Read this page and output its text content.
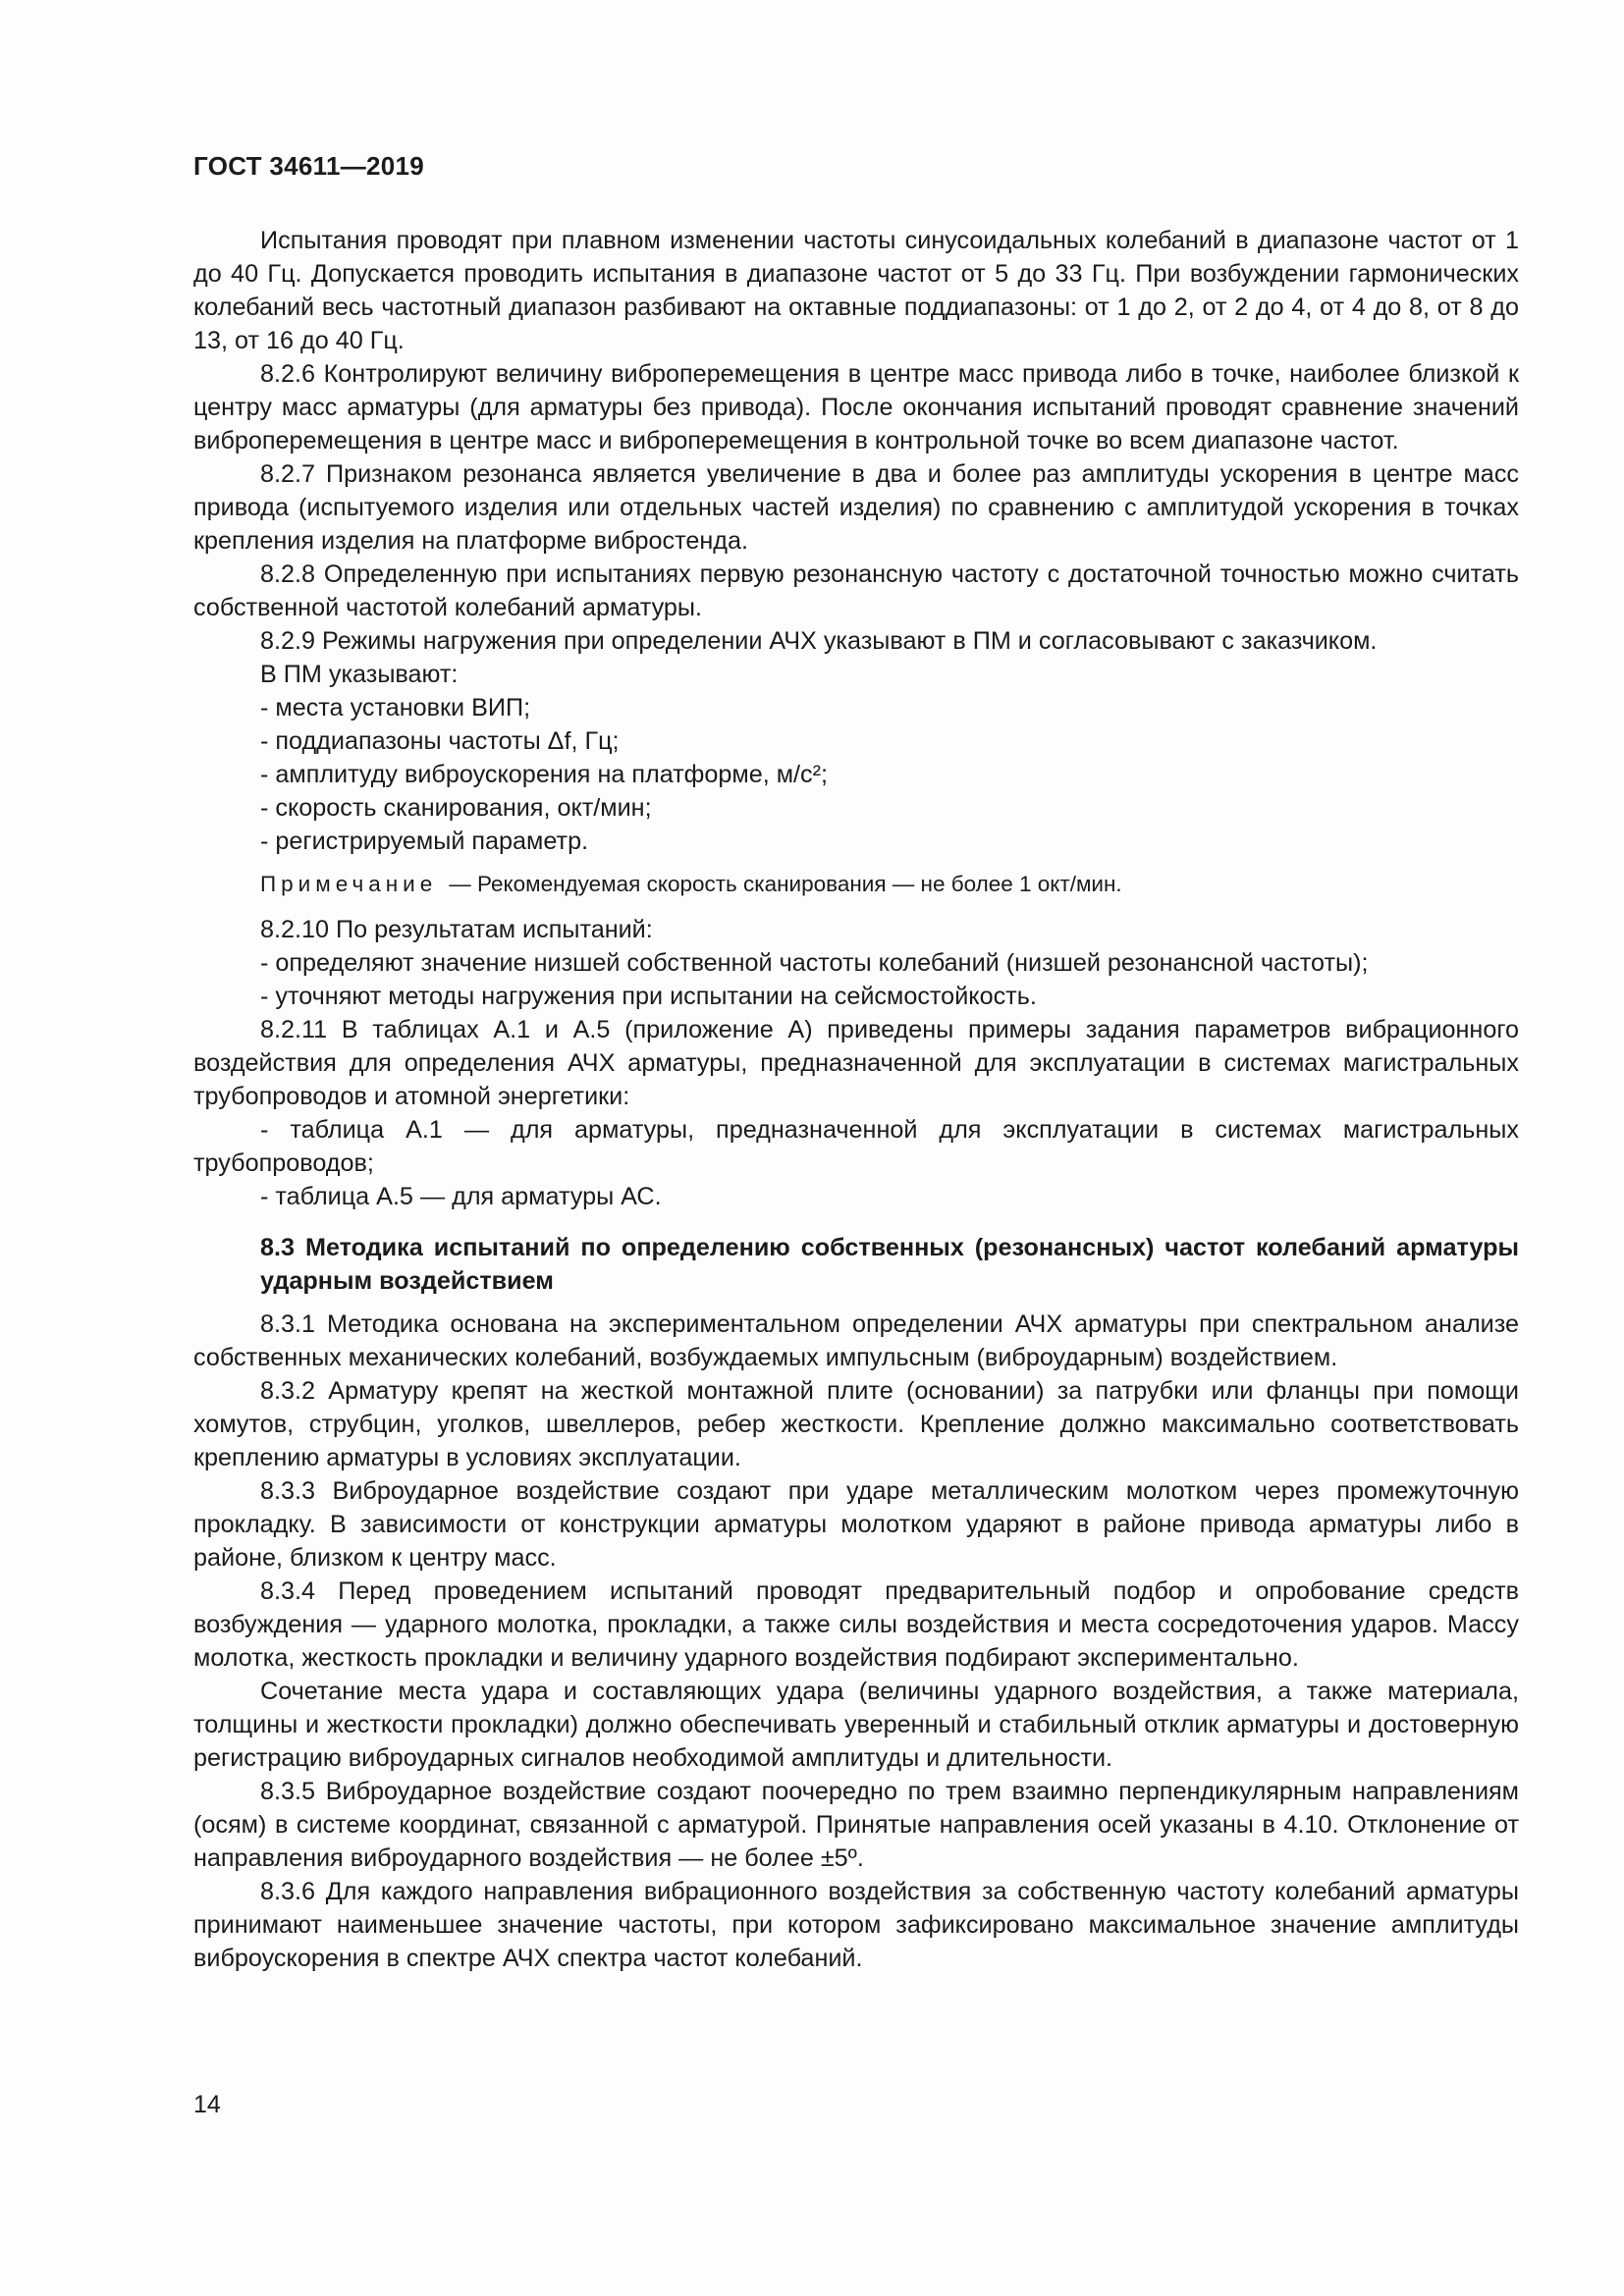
ГОСТ 34611—2019

Испытания проводят при плавном изменении частоты синусоидальных колебаний в диапазоне частот от 1 до 40 Гц. Допускается проводить испытания в диапазоне частот от 5 до 33 Гц. При возбуждении гармонических колебаний весь частотный диапазон разбивают на октавные поддиапазоны: от 1 до 2, от 2 до 4, от 4 до 8, от 8 до 13, от 16 до 40 Гц.

8.2.6 Контролируют величину виброперемещения в центре масс привода либо в точке, наиболее близкой к центру масс арматуры (для арматуры без привода). После окончания испытаний проводят сравнение значений виброперемещения в центре масс и виброперемещения в контрольной точке во всем диапазоне частот.

8.2.7 Признаком резонанса является увеличение в два и более раз амплитуды ускорения в центре масс привода (испытуемого изделия или отдельных частей изделия) по сравнению с амплитудой ускорения в точках крепления изделия на платформе вибростенда.

8.2.8 Определенную при испытаниях первую резонансную частоту с достаточной точностью можно считать собственной частотой колебаний арматуры.

8.2.9 Режимы нагружения при определении АЧХ указывают в ПМ и согласовывают с заказчиком.

В ПМ указывают:

- места установки ВИП;

- поддиапазоны частоты Δf, Гц;

- амплитуду виброускорения на платформе, м/с²;

- скорость сканирования, окт/мин;

- регистрируемый параметр.

Примечание — Рекомендуемая скорость сканирования — не более 1 окт/мин.

8.2.10 По результатам испытаний:

- определяют значение низшей собственной частоты колебаний (низшей резонансной частоты);

- уточняют методы нагружения при испытании на сейсмостойкость.

8.2.11 В таблицах А.1 и А.5 (приложение А) приведены примеры задания параметров вибрационного воздействия для определения АЧХ арматуры, предназначенной для эксплуатации в системах магистральных трубопроводов и атомной энергетики:

- таблица А.1 — для арматуры, предназначенной для эксплуатации в системах магистральных трубопроводов;

- таблица А.5 — для арматуры АС.

8.3 Методика испытаний по определению собственных (резонансных) частот колебаний арматуры ударным воздействием

8.3.1 Методика основана на экспериментальном определении АЧХ арматуры при спектральном анализе собственных механических колебаний, возбуждаемых импульсным (виброударным) воздействием.

8.3.2 Арматуру крепят на жесткой монтажной плите (основании) за патрубки или фланцы при помощи хомутов, струбцин, уголков, швеллеров, ребер жесткости. Крепление должно максимально соответствовать креплению арматуры в условиях эксплуатации.

8.3.3 Виброударное воздействие создают при ударе металлическим молотком через промежуточную прокладку. В зависимости от конструкции арматуры молотком ударяют в районе привода арматуры либо в районе, близком к центру масс.

8.3.4 Перед проведением испытаний проводят предварительный подбор и опробование средств возбуждения — ударного молотка, прокладки, а также силы воздействия и места сосредоточения ударов. Массу молотка, жесткость прокладки и величину ударного воздействия подбирают экспериментально.

Сочетание места удара и составляющих удара (величины ударного воздействия, а также материала, толщины и жесткости прокладки) должно обеспечивать уверенный и стабильный отклик арматуры и достоверную регистрацию виброударных сигналов необходимой амплитуды и длительности.

8.3.5 Виброударное воздействие создают поочередно по трем взаимно перпендикулярным направлениям (осям) в системе координат, связанной с арматурой. Принятые направления осей указаны в 4.10. Отклонение от направления виброударного воздействия — не более ±5º.

8.3.6 Для каждого направления вибрационного воздействия за собственную частоту колебаний арматуры принимают наименьшее значение частоты, при котором зафиксировано максимальное значение амплитуды виброускорения в спектре АЧХ спектра частот колебаний.

14
